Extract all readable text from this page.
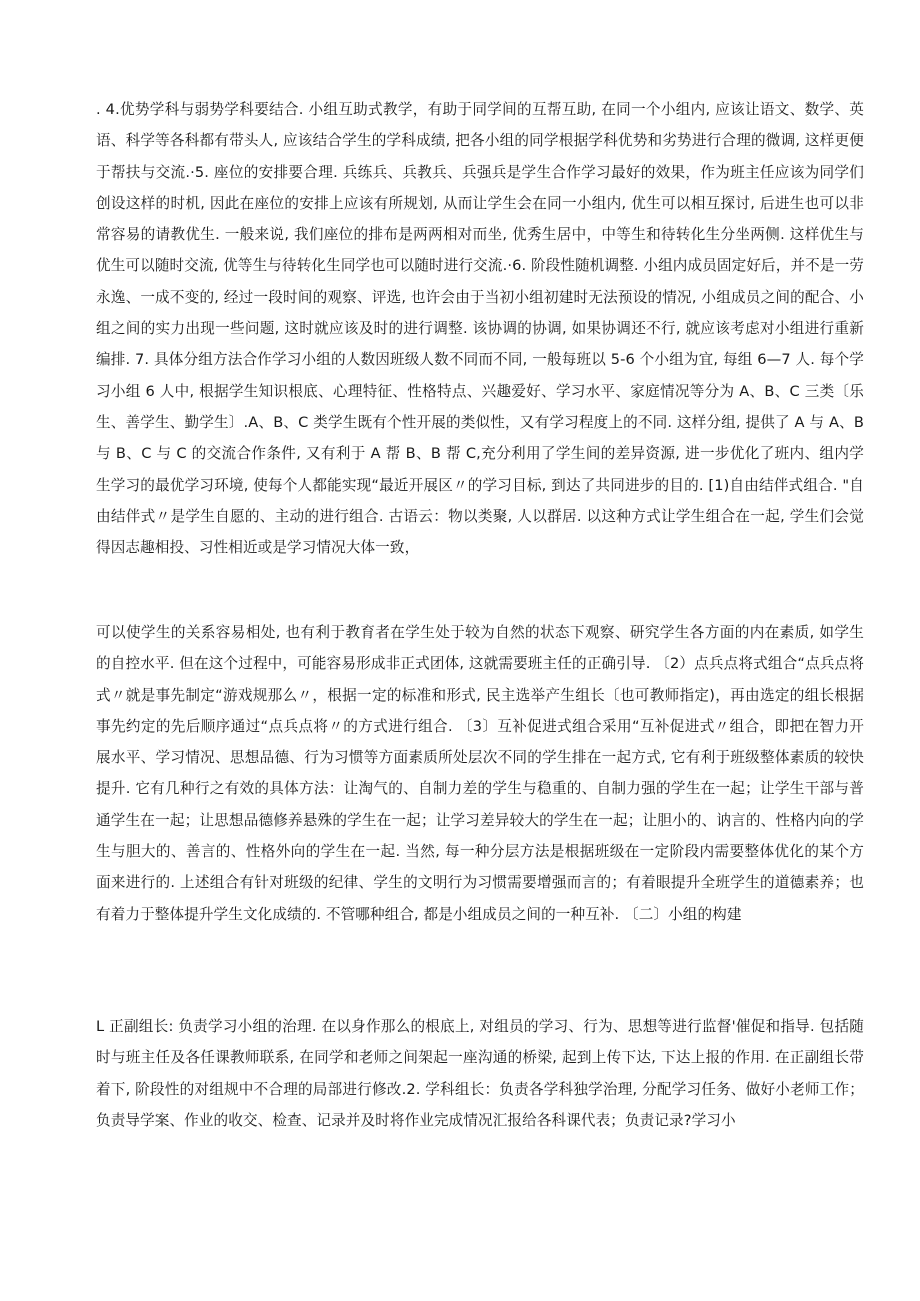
. 4.优势学科与弱势学科要结合. 小组互助式教学，有助于同学间的互帮互助, 在同一个小组内, 应该让语文、数学、英语、科学等各科都有带头人, 应该结合学生的学科成绩, 把各小组的同学根据学科优势和劣势进行合理的微调, 这样更便于帮扶与交流.·5. 座位的安排要合理. 兵练兵、兵教兵、兵强兵是学生合作学习最好的效果，作为班主任应该为同学们创设这样的时机, 因此在座位的安排上应该有所规划, 从而让学生会在同一小组内, 优生可以相互探讨, 后进生也可以非常容易的请教优生. 一般来说, 我们座位的排布是两两相对而坐, 优秀生居中，中等生和待转化生分坐两侧. 这样优生与优生可以随时交流, 优等生与待转化生同学也可以随时进行交流.·6. 阶段性随机调整. 小组内成员固定好后，并不是一劳永逸、一成不变的, 经过一段时间的观察、评选, 也许会由于当初小组初建时无法预设的情况, 小组成员之间的配合、小组之间的实力出现一些问题, 这时就应该及时的进行调整. 该协调的协调, 如果协调还不行, 就应该考虑对小组进行重新编排. 7. 具体分组方法合作学习小组的人数因班级人数不同而不同, 一般每班以 5-6 个小组为宜, 每组 6—7 人. 每个学习小组 6 人中, 根据学生知识根底、心理特征、性格特点、兴趣爱好、学习水平、家庭情况等分为 A、B、C 三类〔乐生、善学生、勤学生〕.A、B、C 类学生既有个性开展的类似性，又有学习程度上的不同. 这样分组, 提供了 A 与 A、B 与 B、C 与 C 的交流合作条件, 又有利于 A 帮 B、B 帮 C,充分利用了学生间的差异资源, 进一步优化了班内、组内学生学习的最优学习环境, 使每个人都能实现“最近开展区〃的学习目标, 到达了共同进步的目的. [1)自由结伴式组合. "自由结伴式〃是学生自愿的、主动的进行组合. 古语云：物以类聚, 人以群居. 以这种方式让学生组合在一起, 学生们会觉得因志趣相投、习性相近或是学习情况大体一致，

可以使学生的关系容易相处, 也有利于教育者在学生处于较为自然的状态下观察、研究学生各方面的内在素质, 如学生的自控水平. 但在这个过程中，可能容易形成非正式团体, 这就需要班主任的正确引导. 〔2）点兵点将式组合“点兵点将式〃就是事先制定“游戏规那么〃，根据一定的标准和形式, 民主选举产生组长〔也可教师指定)，再由选定的组长根据事先约定的先后顺序通过“点兵点将〃的方式进行组合. 〔3〕互补促进式组合采用“互补促进式〃组合，即把在智力开展水平、学习情况、思想品德、行为习惯等方面素质所处层次不同的学生排在一起方式, 它有利于班级整体素质的较快提升. 它有几种行之有效的具体方法：让淘气的、自制力差的学生与稳重的、自制力强的学生在一起；让学生干部与普通学生在一起；让思想品德修养悬殊的学生在一起；让学习差异较大的学生在一起；让胆小的、讷言的、性格内向的学生与胆大的、善言的、性格外向的学生在一起. 当然, 每一种分层方法是根据班级在一定阶段内需要整体优化的某个方面来进行的. 上述组合有针对班级的纪律、学生的文明行为习惯需要增强而言的；有着眼提升全班学生的道德素养；也有着力于整体提升学生文化成绩的. 不管哪种组合, 都是小组成员之间的一种互补. 〔二〕小组的构建

L 正副组长: 负责学习小组的治理. 在以身作那么的根底上, 对组员的学习、行为、思想等进行监督'催促和指导. 包括随时与班主任及各任课教师联系, 在同学和老师之间架起一座沟通的桥梁, 起到上传下达, 下达上报的作用. 在正副组长带着下, 阶段性的对组规中不合理的局部进行修改.2. 学科组长：负责各学科独学治理, 分配学习任务、做好小老师工作；负责导学案、作业的收交、检查、记录并及时将作业完成情况汇报给各科课代表；负责记录?学习小
